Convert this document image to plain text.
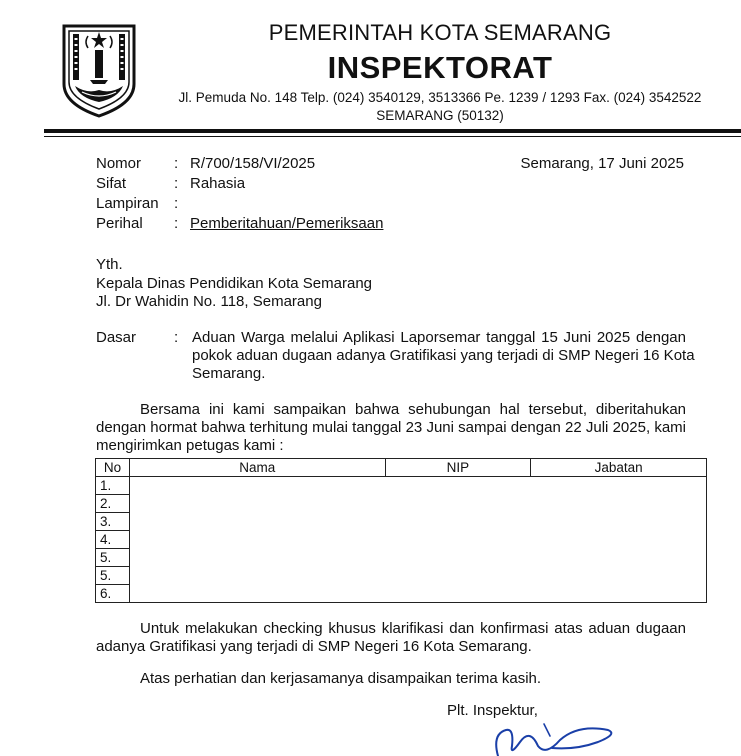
PEMERINTAH KOTA SEMARANG
INSPEKTORAT
Jl. Pemuda No. 148 Telp. (024) 3540129, 3513366 Pe. 1239 / 1293 Fax. (024) 3542522
SEMARANG (50132)
Nomor : R/700/158/VI/2025	Semarang, 17 Juni 2025
Sifat	: Rahasia
Lampiran :
Perihal : Pemberitahuan/Pemeriksaan
Yth.
Kepala Dinas Pendidikan Kota Semarang
Jl. Dr Wahidin No. 118, Semarang
Dasar	: Aduan Warga melalui Aplikasi Laporsemar tanggal 15 Juni 2025 dengan
pokok aduan dugaan adanya Gratifikasi yang terjadi di SMP Negeri 16 Kota
Semarang.
Bersama ini kami sampaikan bahwa sehubungan hal tersebut, diberitahukan
dengan hormat bahwa terhitung mulai tanggal 23 Juni sampai dengan 22 Juli 2025, kami
mengirimkan petugas kami :
No	Nama	NIP	Jabatan
1.			
2.			
3.			
4.			
5.			
5.			
6.			
Untuk melakukan checking khusus klarifikasi dan konfirmasi atas aduan dugaan
adanya Gratifikasi yang terjadi di SMP Negeri 16 Kota Semarang.
Atas perhatian dan kerjasamanya disampaikan terima kasih.
Plt. Inspektur,
